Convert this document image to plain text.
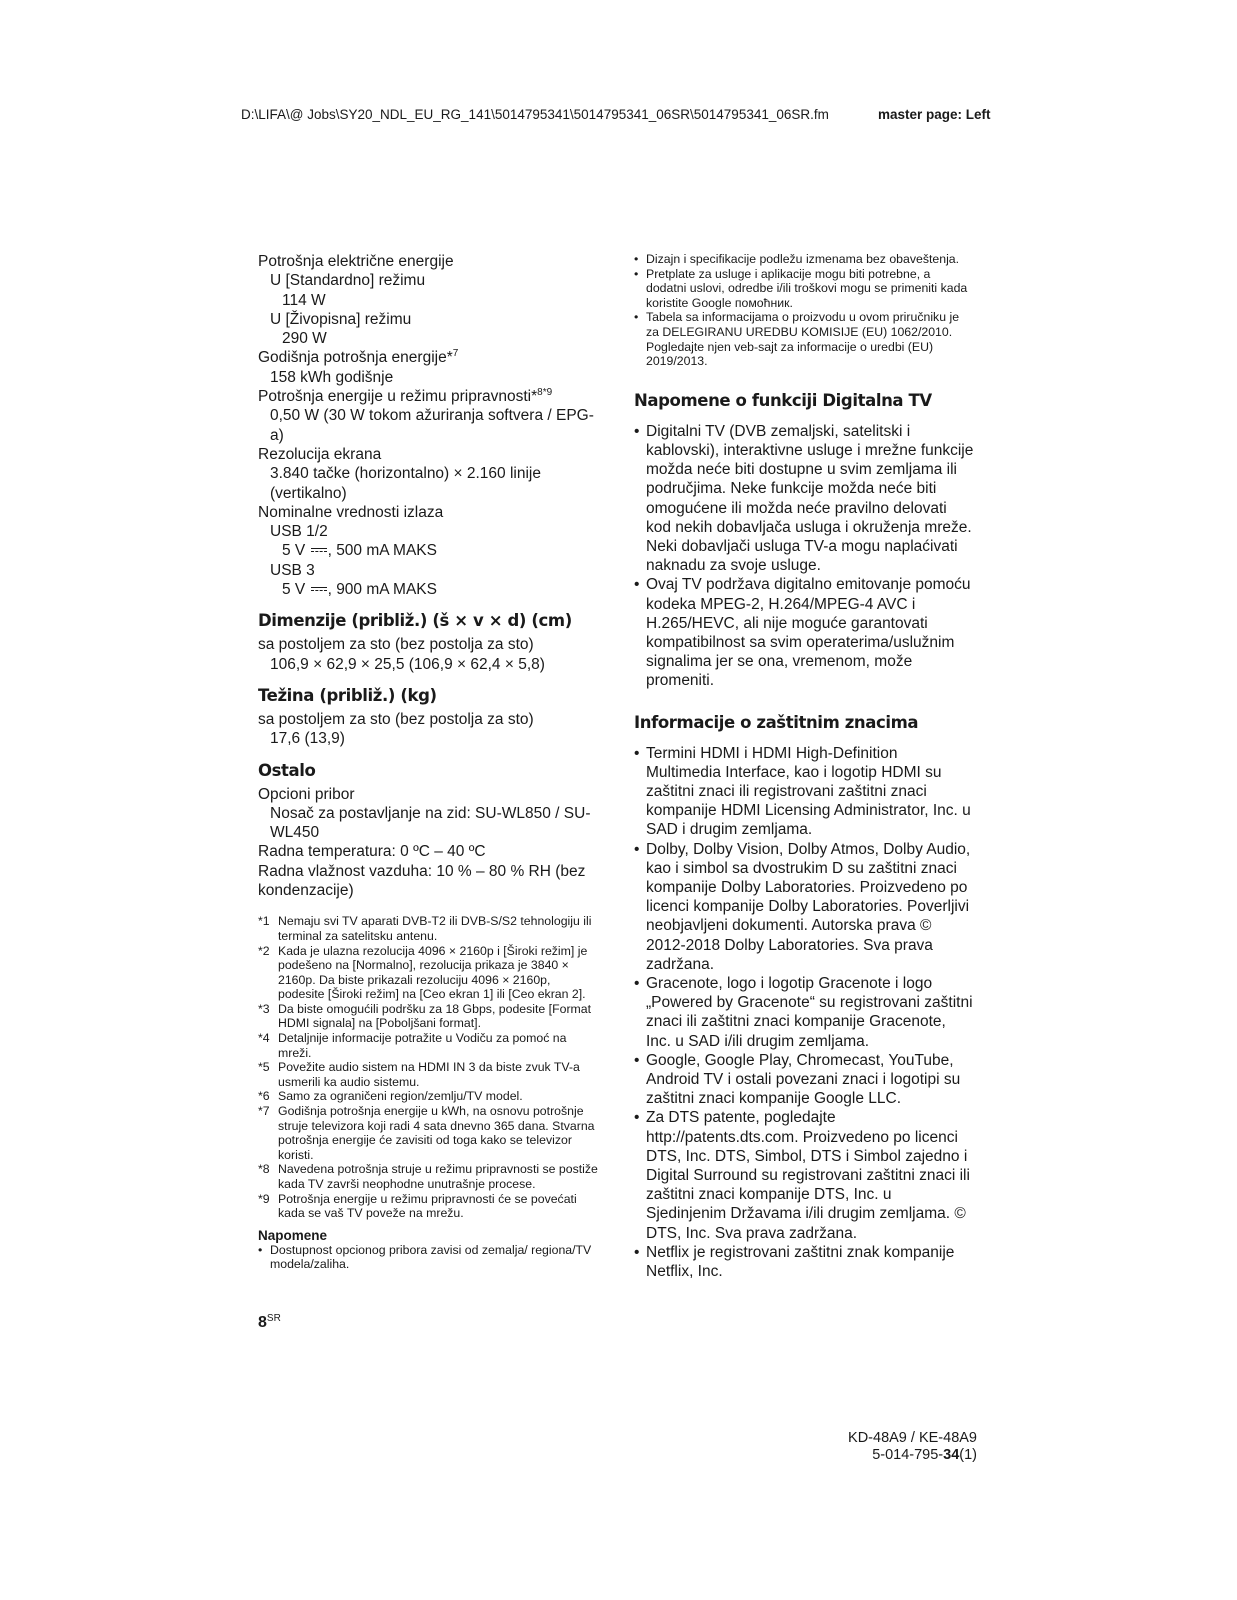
D:\LIFA\@ Jobs\SY20_NDL_EU_RG_141\5014795341\5014795341_06SR\5014795341_06SR.fm	master page: Left
Potrošnja električne energije
U [Standardno] režimu
114 W
U [Živopisna] režimu
290 W
Godišnja potrošnja energije*$^7$
158 kWh godišnje
Potrošnja energije u režimu pripravnosti*$^{8*9}$
0,50 W (30 W tokom ažuriranja softvera / EPG-a)
Rezolucija ekrana
3.840 tačke (horizontalno) × 2.160 linije (vertikalno)
Nominalne vrednosti izlaza
USB 1/2
5 V , 500 mA MAKS
USB 3
5 V , 900 mA MAKS
Dimenzije (približ.) (š × v × d) (cm)
sa postoljem za sto (bez postolja za sto)
106,9 × 62,9 × 25,5 (106,9 × 62,4 × 5,8)
Težina (približ.) (kg)
sa postoljem za sto (bez postolja za sto)
17,6 (13,9)
Ostalo
Opcioni pribor
Nosač za postavljanje na zid: SU-WL850 / SU-WL450
Radna temperatura: 0 ºC – 40 ºC
Radna vlažnost vazduha: 10 % – 80 % RH (bez kondenzacije)
*1 Nemaju svi TV aparati DVB-T2 ili DVB-S/S2 tehnologiju ili terminal za satelitsku antenu.
*2 Kada je ulazna rezolucija 4096 × 2160p i [Široki režim] je podešeno na [Normalno], rezolucija prikaza je 3840 × 2160p. Da biste prikazali rezoluciju 4096 × 2160p, podesite [Široki režim] na [Ceo ekran 1] ili [Ceo ekran 2].
*3 Da biste omogućili podršku za 18 Gbps, podesite [Format HDMI signala] na [Poboljšani format].
*4 Detaljnije informacije potražite u Vodiču za pomoć na mreži.
*5 Povežite audio sistem na HDMI IN 3 da biste zvuk TV-a usmerili ka audio sistemu.
*6 Samo za ograničeni region/zemlju/TV model.
*7 Godišnja potrošnja energije u kWh, na osnovu potrošnje struje televizora koji radi 4 sata dnevno 365 dana. Stvarna potrošnja energije će zavisiti od toga kako se televizor koristi.
*8 Navedena potrošnja struje u režimu pripravnosti se postiže kada TV završi neophodne unutrašnje procese.
*9 Potrošnja energije u režimu pripravnosti će se povećati kada se vaš TV poveže na mrežu.
Napomene
• Dostupnost opcionog pribora zavisi od zemalja/ regiona/TV modela/zaliha.
• Dizajn i specifikacije podležu izmenama bez obaveštenja.
• Pretplate za usluge i aplikacije mogu biti potrebne, a dodatni uslovi, odredbe i/ili troškovi mogu se primeniti kada koristite Google помоћник.
• Tabela sa informacijama o proizvodu u ovom priručniku je za DELEGIRANU UREDBU KOMISIJE (EU) 1062/2010. Pogledajte njen veb-sajt za informacije o uredbi (EU) 2019/2013.
Napomene o funkciji Digitalna TV
• Digitalni TV (DVB zemaljski, satelitski i kablovski), interaktivne usluge i mrežne funkcije možda neće biti dostupne u svim zemljama ili područjima. Neke funkcije možda neće biti omogućene ili možda neće pravilno delovati kod nekih dobavljača usluga i okruženja mreže. Neki dobavljači usluga TV-a mogu naplaćivati naknadu za svoje usluge.
• Ovaj TV podržava digitalno emitovanje pomoću kodeka MPEG-2, H.264/MPEG-4 AVC i H.265/HEVC, ali nije moguće garantovati kompatibilnost sa svim operaterima/uslužnim signalima jer se ona, vremenom, može promeniti.
Informacije o zaštitnim znacima
• Termini HDMI i HDMI High-Definition Multimedia Interface, kao i logotip HDMI su zaštitni znaci ili registrovani zaštitni znaci kompanije HDMI Licensing Administrator, Inc. u SAD i drugim zemljama.
• Dolby, Dolby Vision, Dolby Atmos, Dolby Audio, kao i simbol sa dvostrukim D su zaštitni znaci kompanije Dolby Laboratories. Proizvedeno po licenci kompanije Dolby Laboratories. Poverljivi neobjavljeni dokumenti. Autorska prava © 2012-2018 Dolby Laboratories. Sva prava zadržana.
• Gracenote, logo i logotip Gracenote i logo „Powered by Gracenote“ su registrovani zaštitni znaci ili zaštitni znaci kompanije Gracenote, Inc. u SAD i/ili drugim zemljama.
• Google, Google Play, Chromecast, YouTube, Android TV i ostali povezani znaci i logotipi su zaštitni znaci kompanije Google LLC.
• Za DTS patente, pogledajte http://patents.dts.com. Proizvedeno po licenci DTS, Inc. DTS, Simbol, DTS i Simbol zajedno i Digital Surround su registrovani zaštitni znaci ili zaštitni znaci kompanije DTS, Inc. u Sjedinjenim Državama i/ili drugim zemljama. © DTS, Inc. Sva prava zadržana.
• Netflix je registrovani zaštitni znak kompanije Netflix, Inc.
$8^{SR}$
KD-48A9 / KE-48A9
5-014-795-34(1)
